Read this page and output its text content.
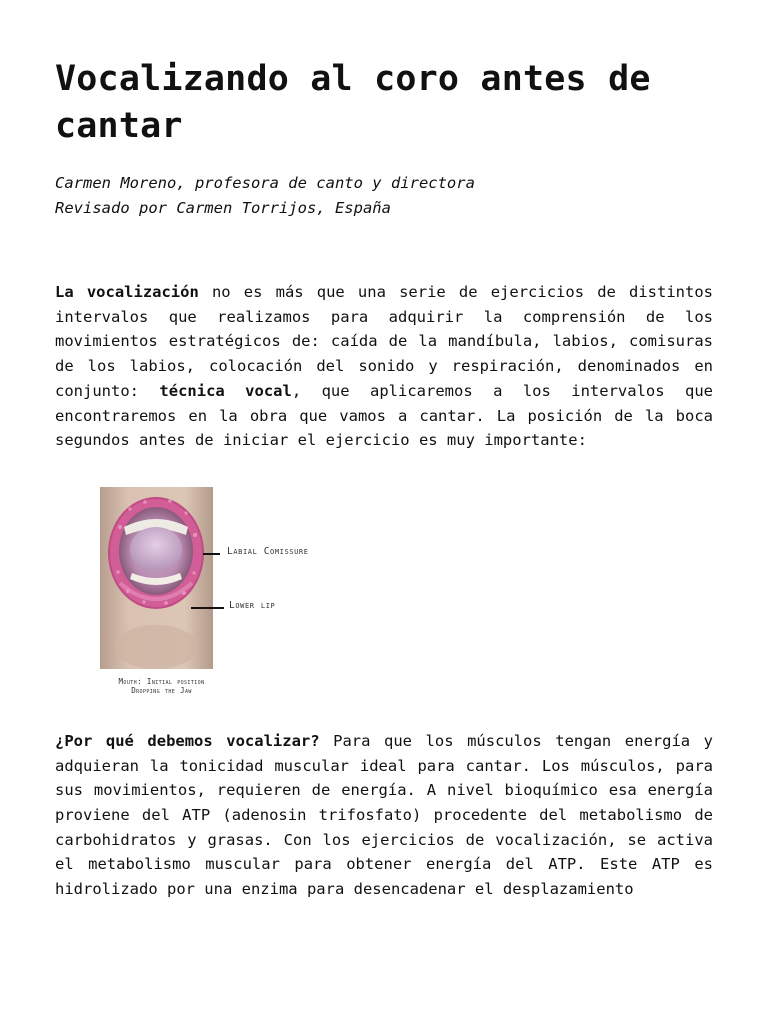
Vocalizando al coro antes de cantar
Carmen Moreno, profesora de canto y directora
Revisado por Carmen Torrijos, España

La vocalización no es más que una serie de ejercicios de distintos intervalos que realizamos para adquirir la comprensión de los movimientos estratégicos de: caída de la mandíbula, labios, comisuras de los labios, colocación del sonido y respiración, denominados en conjunto: técnica vocal, que aplicaremos a los intervalos que encontraremos en la obra que vamos a cantar. La posición de la boca segundos antes de iniciar el ejercicio es muy importante:

Labial Comissure
Lower lip
Mouth: Initial position
Dropping the Jaw

¿Por qué debemos vocalizar? Para que los músculos tengan energía y adquieran la tonicidad muscular ideal para cantar. Los músculos, para sus movimientos, requieren de energía. A nivel bioquímico esa energía proviene del ATP (adenosin trifosfato) procedente del metabolismo de carbohidratos y grasas. Con los ejercicios de vocalización, se activa el metabolismo muscular para obtener energía del ATP. Este ATP es hidrolizado por una enzima para desencadenar el desplazamiento
